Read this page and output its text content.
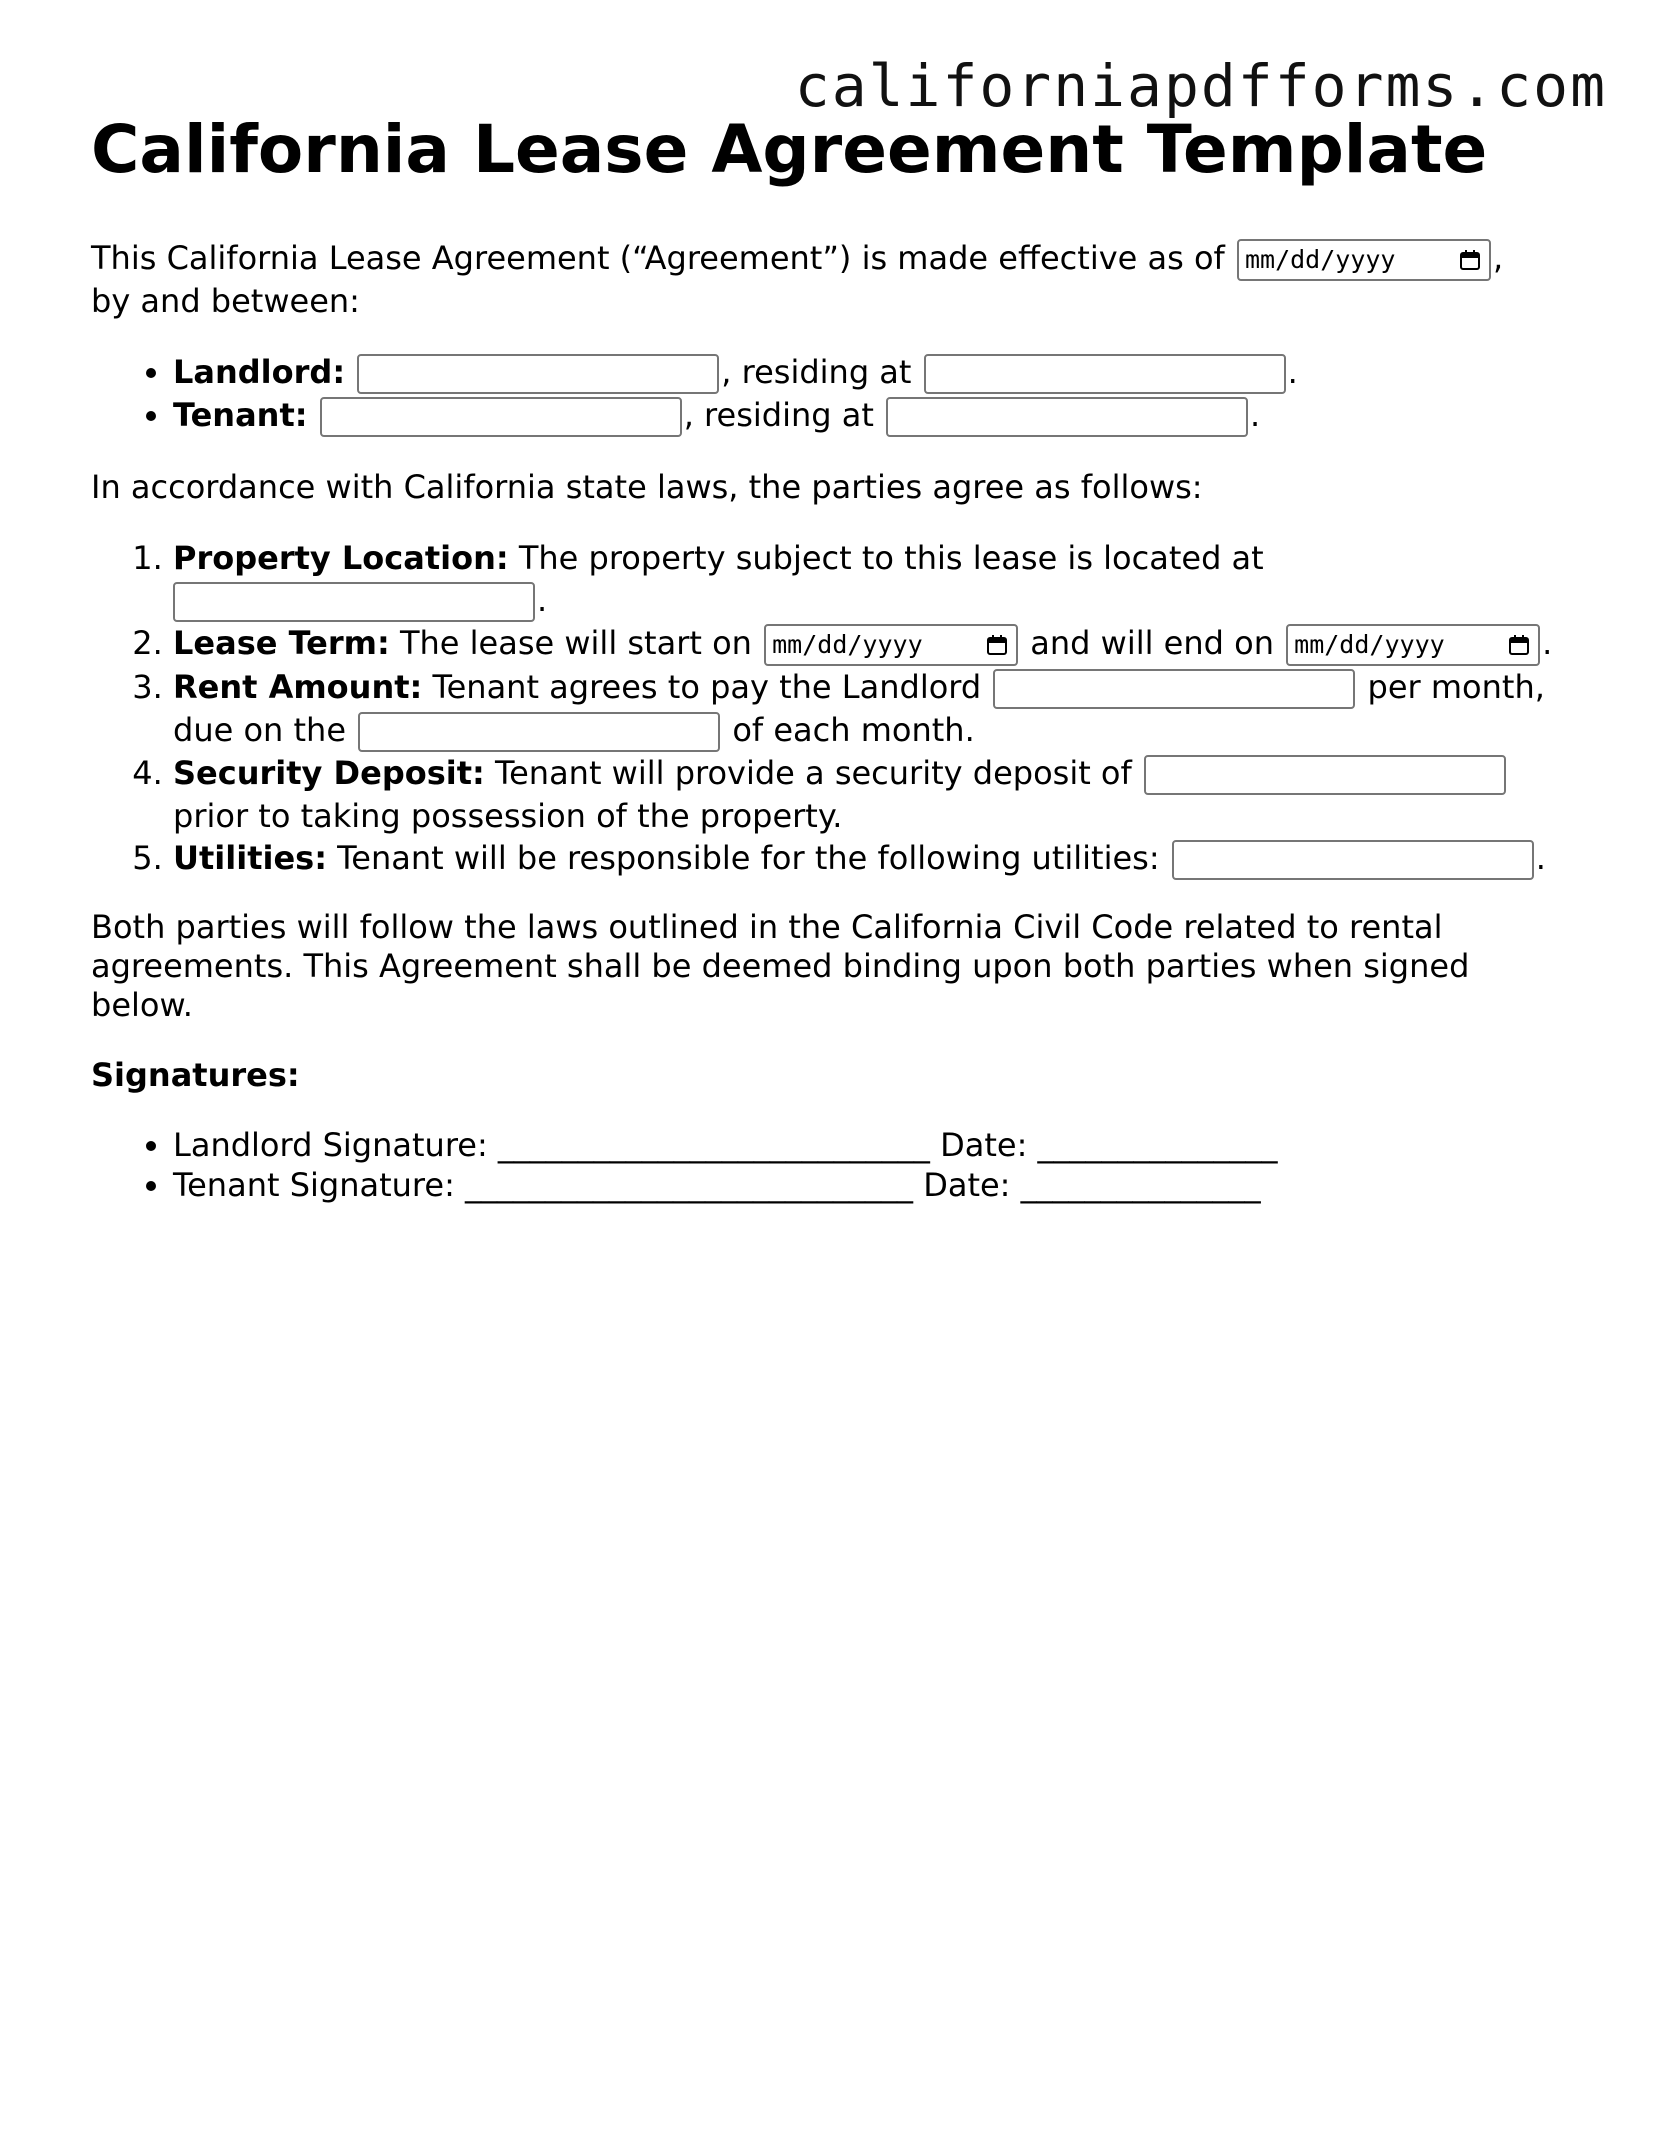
californiapdfforms.com
California Lease Agreement Template

This California Lease Agreement (“Agreement”) is made effective as of mm/dd/yyyy	,
by and between:

• Landlord:	, residing at	.
• Tenant:	, residing at	.

In accordance with California state laws, the parties agree as follows:

1. Property Location: The property subject to this lease is located at
.
2. Lease Term: The lease will start on mm/dd/yyyy	and will end on mm/dd/yyyy	.
3. Rent Amount: Tenant agrees to pay the Landlord	per month,
due on the	of each month.
4. Security Deposit: Tenant will provide a security deposit of
prior to taking possession of the property.
5. Utilities: Tenant will be responsible for the following utilities:	.

Both parties will follow the laws outlined in the California Civil Code related to rental agreements. This Agreement shall be deemed binding upon both parties when signed below.

Signatures:

• Landlord Signature: ___________________________ Date: _______________
• Tenant Signature: ____________________________ Date: _______________
